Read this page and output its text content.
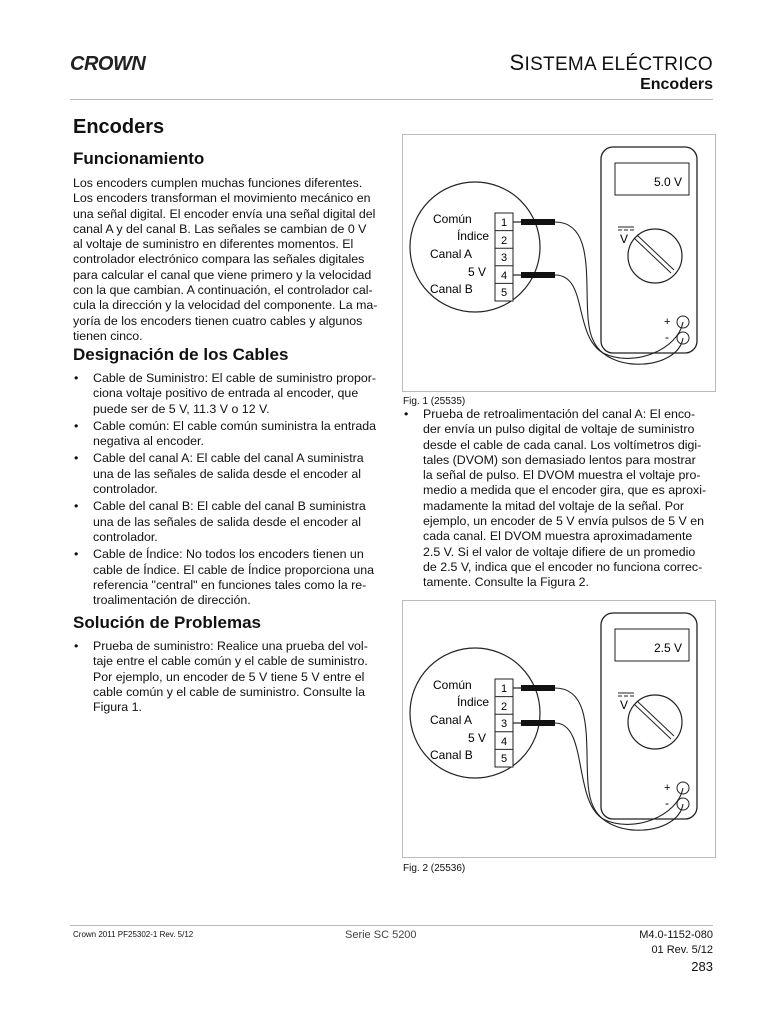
CROWN	SISTEMA ELÉCTRICO
Encoders
Encoders
Funcionamiento
Los encoders cumplen muchas funciones diferentes.
Los encoders transforman el movimiento mecánico en
una señal digital. El encoder envía una señal digital del
canal A y del canal B. Las señales se cambian de 0 V
al voltaje de suministro en diferentes momentos. El
controlador electrónico compara las señales digitales
para calcular el canal que viene primero y la velocidad
con la que cambian. A continuación, el controlador cal-
cula la dirección y la velocidad del componente. La ma-
yoría de los encoders tienen cuatro cables y algunos
tienen cinco.
Designación de los Cables
• Cable de Suministro: El cable de suministro propor-
ciona voltaje positivo de entrada al encoder, que
puede ser de 5 V, 11.3 V o 12 V.
• Cable común: El cable común suministra la entrada
negativa al encoder.
• Cable del canal A: El cable del canal A suministra
una de las señales de salida desde el encoder al
controlador.
• Cable del canal B: El cable del canal B suministra
una de las señales de salida desde el encoder al
controlador.
• Cable de Índice: No todos los encoders tienen un
cable de Índice. El cable de Índice proporciona una
referencia "central" en funciones tales como la re-
troalimentación de dirección.
Solución de Problemas
• Prueba de suministro: Realice una prueba del vol-
taje entre el cable común y el cable de suministro.
Por ejemplo, un encoder de 5 V tiene 5 V entre el
cable común y el cable de suministro. Consulte la
Figura 1.
1
2
3
4
5
Común
Índice
Canal A
5 V
Canal B
5.0 V
V
+
-
Fig. 1 (25535)
• Prueba de retroalimentación del canal A: El enco-
der envía un pulso digital de voltaje de suministro
desde el cable de cada canal. Los voltímetros digi-
tales (DVOM) son demasiado lentos para mostrar
la señal de pulso. El DVOM muestra el voltaje pro-
medio a medida que el encoder gira, que es aproxi-
madamente la mitad del voltaje de la señal. Por
ejemplo, un encoder de 5 V envía pulsos de 5 V en
cada canal. El DVOM muestra aproximadamente
2.5 V. Si el valor de voltaje difiere de un promedio
de 2.5 V, indica que el encoder no funciona correc-
tamente. Consulte la Figura 2.
1
2
3
4
5
Común
Índice
Canal A
5 V
Canal B
2.5 V
V
+
-
Fig. 2 (25536)
Crown 2011 PF25302-1 Rev. 5/12	Serie SC 5200	M4.0-1152-080
01 Rev. 5/12
283
